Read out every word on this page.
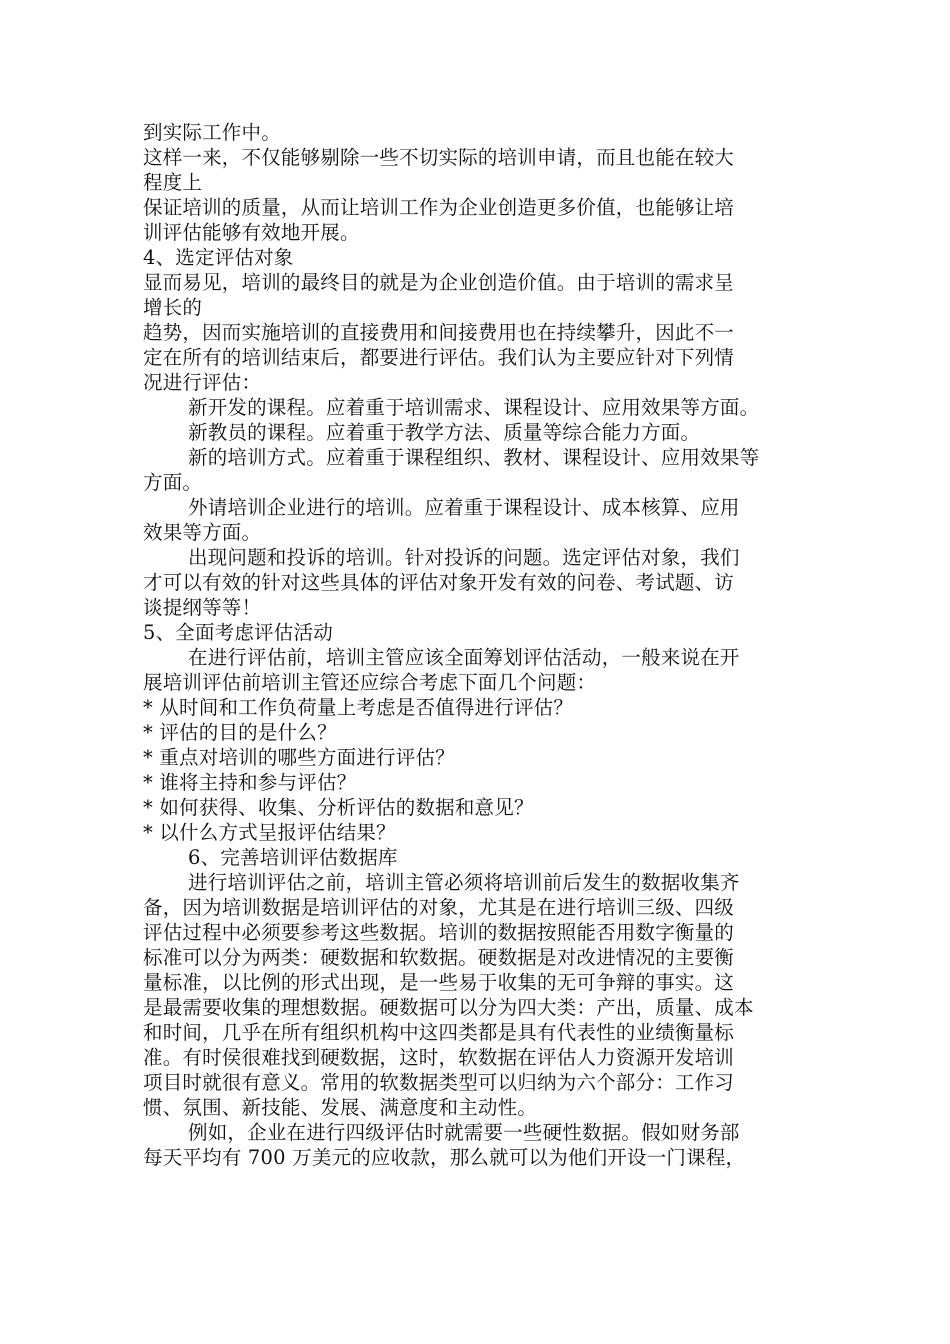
到实际工作中。
这样一来，不仅能够剔除一些不切实际的培训申请，而且也能在较大
程度上
保证培训的质量，从而让培训工作为企业创造更多价值，也能够让培
训评估能够有效地开展。
4、选定评估对象
显而易见，培训的最终目的就是为企业创造价值。由于培训的需求呈
增长的
趋势，因而实施培训的直接费用和间接费用也在持续攀升，因此不一
定在所有的培训结束后，都要进行评估。我们认为主要应针对下列情
况进行评估：
新开发的课程。应着重于培训需求、课程设计、应用效果等方面。
新教员的课程。应着重于教学方法、质量等综合能力方面。
新的培训方式。应着重于课程组织、教材、课程设计、应用效果等
方面。
外请培训企业进行的培训。应着重于课程设计、成本核算、应用
效果等方面。
出现问题和投诉的培训。针对投诉的问题。选定评估对象，我们
才可以有效的针对这些具体的评估对象开发有效的问卷、考试题、访
谈提纲等等！
5、全面考虑评估活动
在进行评估前，培训主管应该全面筹划评估活动，一般来说在开
展培训评估前培训主管还应综合考虑下面几个问题：
* 从时间和工作负荷量上考虑是否值得进行评估？
* 评估的目的是什么？
* 重点对培训的哪些方面进行评估？
* 谁将主持和参与评估？
* 如何获得、收集、分析评估的数据和意见？
* 以什么方式呈报评估结果？
6、完善培训评估数据库
进行培训评估之前，培训主管必须将培训前后发生的数据收集齐
备，因为培训数据是培训评估的对象，尤其是在进行培训三级、四级
评估过程中必须要参考这些数据。培训的数据按照能否用数字衡量的
标准可以分为两类：硬数据和软数据。硬数据是对改进情况的主要衡
量标准，以比例的形式出现，是一些易于收集的无可争辩的事实。这
是最需要收集的理想数据。硬数据可以分为四大类：产出，质量、成本
和时间，几乎在所有组织机构中这四类都是具有代表性的业绩衡量标
准。有时侯很难找到硬数据，这时，软数据在评估人力资源开发培训
项目时就很有意义。常用的软数据类型可以归纳为六个部分：工作习
惯、氛围、新技能、发展、满意度和主动性。
例如，企业在进行四级评估时就需要一些硬性数据。假如财务部
每天平均有 700 万美元的应收款，那么就可以为他们开设一门课程，
